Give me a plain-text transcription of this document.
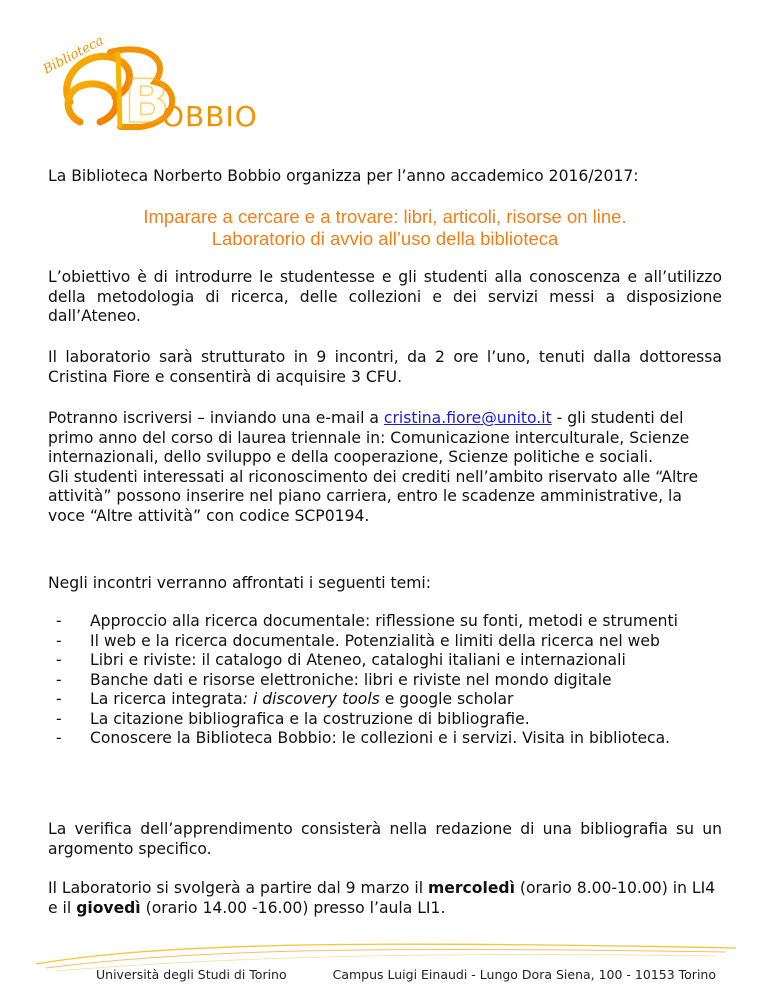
Biblioteca
B
OBBIO
La Biblioteca Norberto Bobbio organizza per l’anno accademico 2016/2017:
Imparare a cercare e a trovare: libri, articoli, risorse on line.
Laboratorio di avvio all’uso della biblioteca
L’obiettivo è di introdurre le studentesse e gli studenti alla conoscenza e all’utilizzo della metodologia di ricerca, delle collezioni e dei servizi messi a disposizione dall’Ateneo.
Il laboratorio sarà strutturato in 9 incontri, da 2 ore l’uno, tenuti dalla dottoressa Cristina Fiore e consentirà di acquisire 3 CFU.
Potranno iscriversi – inviando una e-mail a cristina.fiore@unito.it - gli studenti del primo anno del corso di laurea triennale in: Comunicazione interculturale, Scienze internazionali, dello sviluppo e della cooperazione, Scienze politiche e sociali.
Gli studenti interessati al riconoscimento dei crediti nell’ambito riservato alle “Altre attività” possono inserire nel piano carriera, entro le scadenze amministrative, la voce “Altre attività” con codice SCP0194.
Negli incontri verranno affrontati i seguenti temi:
- Approccio alla ricerca documentale: riflessione su fonti, metodi e strumenti
- Il web e la ricerca documentale. Potenzialità e limiti della ricerca nel web
- Libri e riviste: il catalogo di Ateneo, cataloghi italiani e internazionali
- Banche dati e risorse elettroniche: libri e riviste nel mondo digitale
- La ricerca integrata: i discovery tools e google scholar
- La citazione bibliografica e la costruzione di bibliografie.
- Conoscere la Biblioteca Bobbio: le collezioni e i servizi. Visita in biblioteca.
La verifica dell’apprendimento consisterà nella redazione di una bibliografia su un argomento specifico.
Il Laboratorio si svolgerà a partire dal 9 marzo il mercoledì (orario 8.00-10.00) in LI4 e il giovedì (orario 14.00 -16.00) presso l’aula LI1.
Università degli Studi di Torino	Campus Luigi Einaudi - Lungo Dora Siena, 100 - 10153 Torino
